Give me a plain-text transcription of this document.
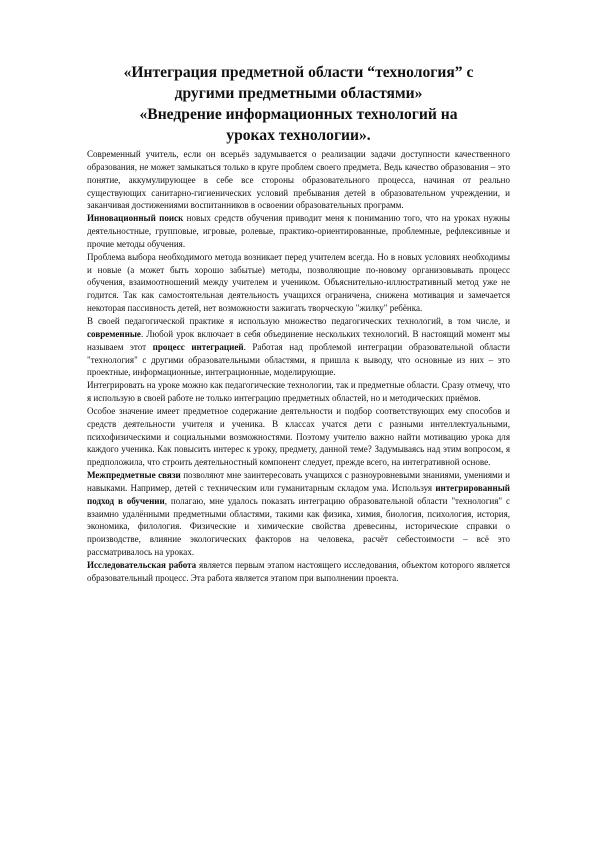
«Интеграция предметной области “технология” с
другими предметными областями»
«Внедрение информационных технологий на
уроках технологии».

Современный учитель, если он всерьёз задумывается о реализации задачи доступности качественного образования, не может замыкаться только в круге проблем своего предмета. Ведь качество образования – это понятие, аккумулирующее в себе все стороны образовательного процесса, начиная от реально существующих санитарно-гигиенических условий пребывания детей в образовательном учреждении, и заканчивая достижениями воспитанников в освоении образовательных программ.

Инновационный поиск новых средств обучения приводит меня к пониманию того, что на уроках нужны деятельностные, групповые, игровые, ролевые, практико-ориентированные, проблемные, рефлексивные и прочие методы обучения.

Проблема выбора необходимого метода возникает перед учителем всегда. Но в новых условиях необходимы и новые (а может быть хорошо забытые) методы, позволяющие по-новому организовывать процесс обучения, взаимоотношений между учителем и учеником. Объяснительно-иллюстративный метод уже не годится. Так как самостоятельная деятельность учащихся ограничена, снижена мотивация и замечается некоторая пассивность детей, нет возможности зажигать творческую "жилку" ребёнка.

В своей педагогической практике я использую множество педагогических технологий, в том числе, и современные. Любой урок включает в себя объединение нескольких технологий. В настоящий момент мы называем этот процесс интеграцией. Работая над проблемой интеграции образовательной области "технология" с другими образовательными областями, я пришла к выводу, что основные из них – это проектные, информационные, интеграционные, моделирующие.

Интегрировать на уроке можно как педагогические технологии, так и предметные области. Сразу отмечу, что я использую в своей работе не только интеграцию предметных областей, но и методических приёмов.

Особое значение имеет предметное содержание деятельности и подбор соответствующих ему способов и средств деятельности учителя и ученика. В классах учатся дети с разными интеллектуальными, психофизическими и социальными возможностями. Поэтому учителю важно найти мотивацию урока для каждого ученика. Как повысить интерес к уроку, предмету, данной теме? Задумываясь над этим вопросом, я предположила, что строить деятельностный компонент следует, прежде всего, на интегративной основе.

Межпредметные связи позволяют мне заинтересовать учащихся с разноуровневыми знаниями, умениями и навыками. Например, детей с техническим или гуманитарным складом ума. Используя интегрированный подход в обучении, полагаю, мне удалось показать интеграцию образовательной области "технология" с взаимно удалёнными предметными областями, такими как физика, химия, биология, психология, история, экономика, филология. Физические и химические свойства древесины, исторические справки о производстве, влияние экологических факторов на человека, расчёт себестоимости – всё это рассматривалось на уроках.

Исследовательская работа является первым этапом настоящего исследования, объектом которого является образовательный процесс. Эта работа является этапом при выполнении проекта.
